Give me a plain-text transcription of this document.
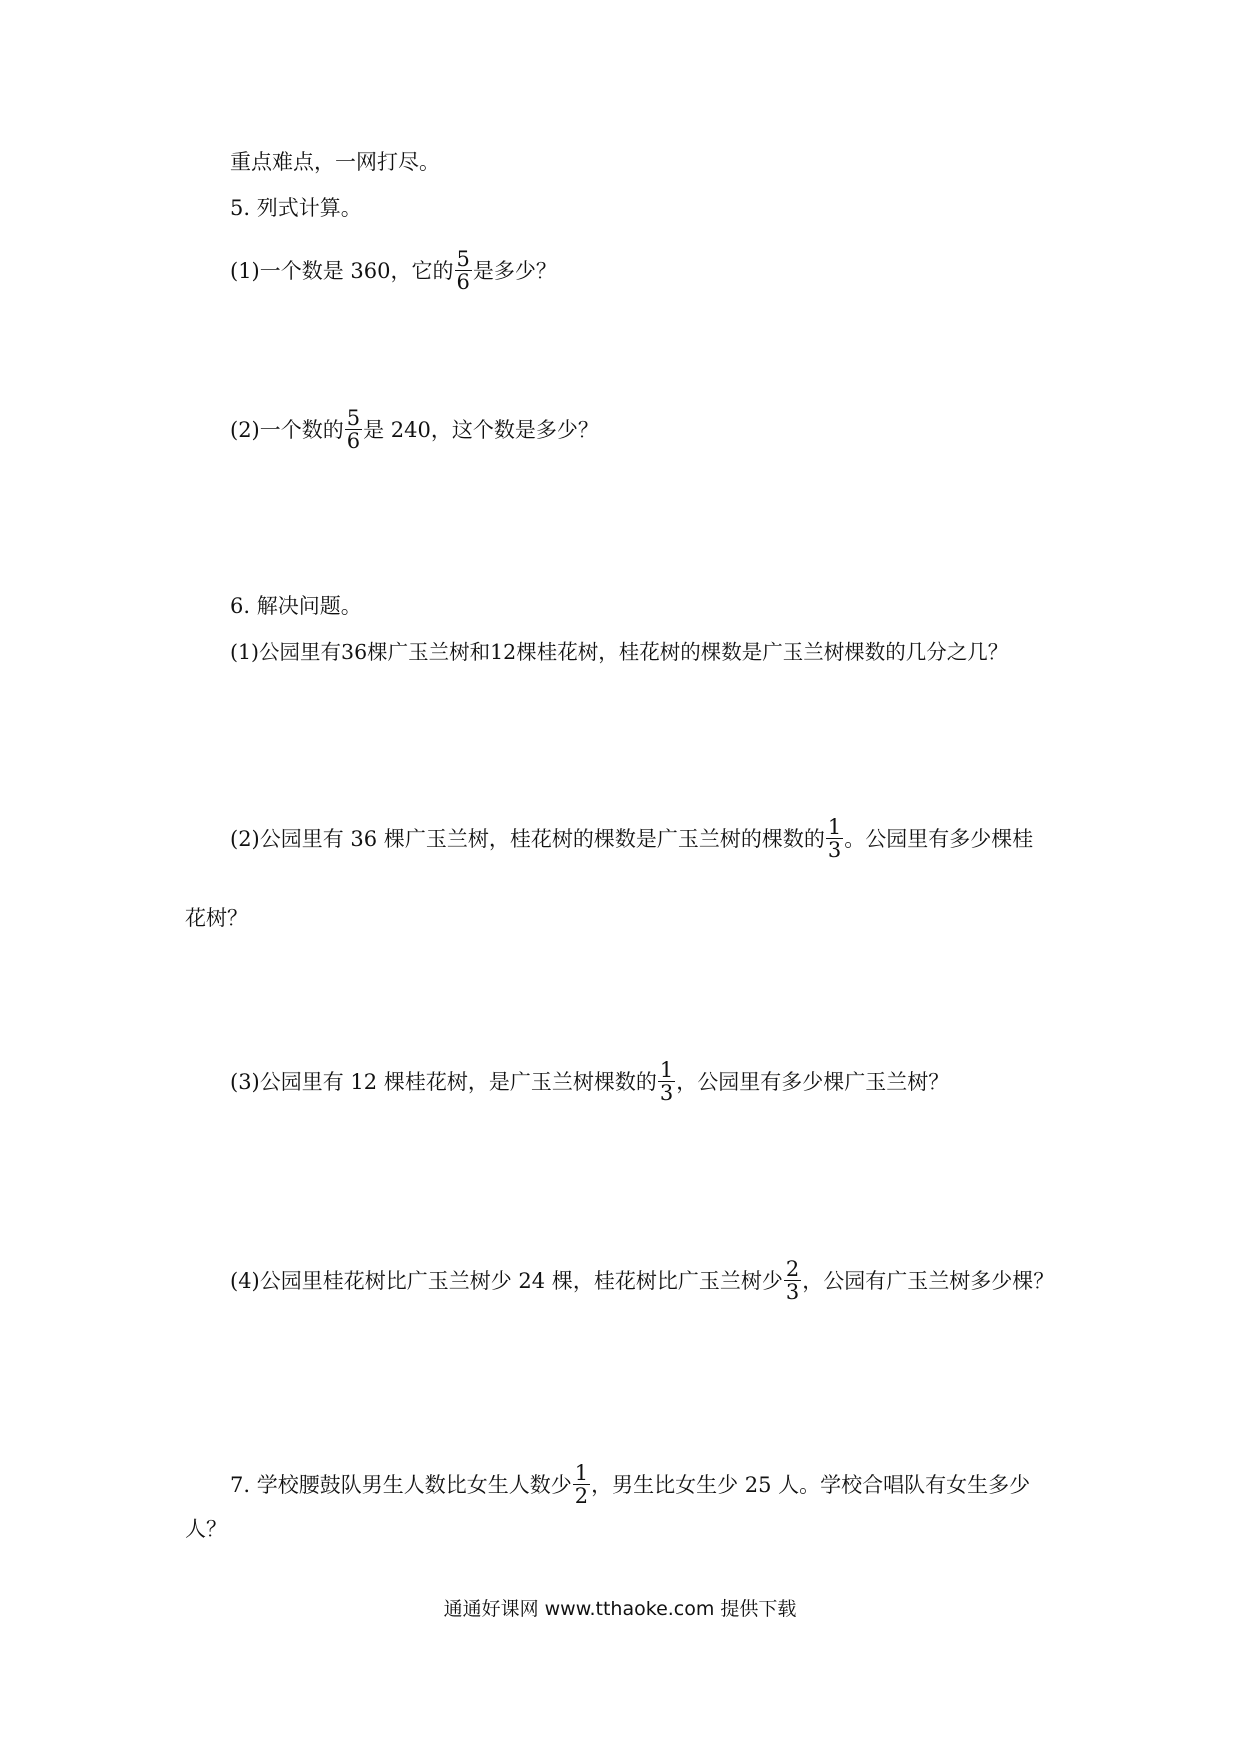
重点难点，一网打尽。
5. 列式计算。
(1)一个数是 360，它的 $\frac{5}{6}$ 是多少？
(2)一个数的 $\frac{5}{6}$ 是 240，这个数是多少？
6. 解决问题。
(1)公园里有36棵广玉兰树和12棵桂花树，桂花树的棵数是广玉兰树棵数的几分之几？
(2)公园里有 36 棵广玉兰树，桂花树的棵数是广玉兰树的棵数的 $\frac{1}{3}$ 。公园里有多少棵桂
花树？
(3)公园里有 12 棵桂花树，是广玉兰树棵数的 $\frac{1}{3}$ ，公园里有多少棵广玉兰树？
(4)公园里桂花树比广玉兰树少 24 棵，桂花树比广玉兰树少 $\frac{2}{3}$ ，公园有广玉兰树多少棵？
7. 学校腰鼓队男生人数比女生人数少 $\frac{1}{2}$ ，男生比女生少 25 人。学校合唱队有女生多少
人？
通通好课网 www.tthaoke.com 提供下载
